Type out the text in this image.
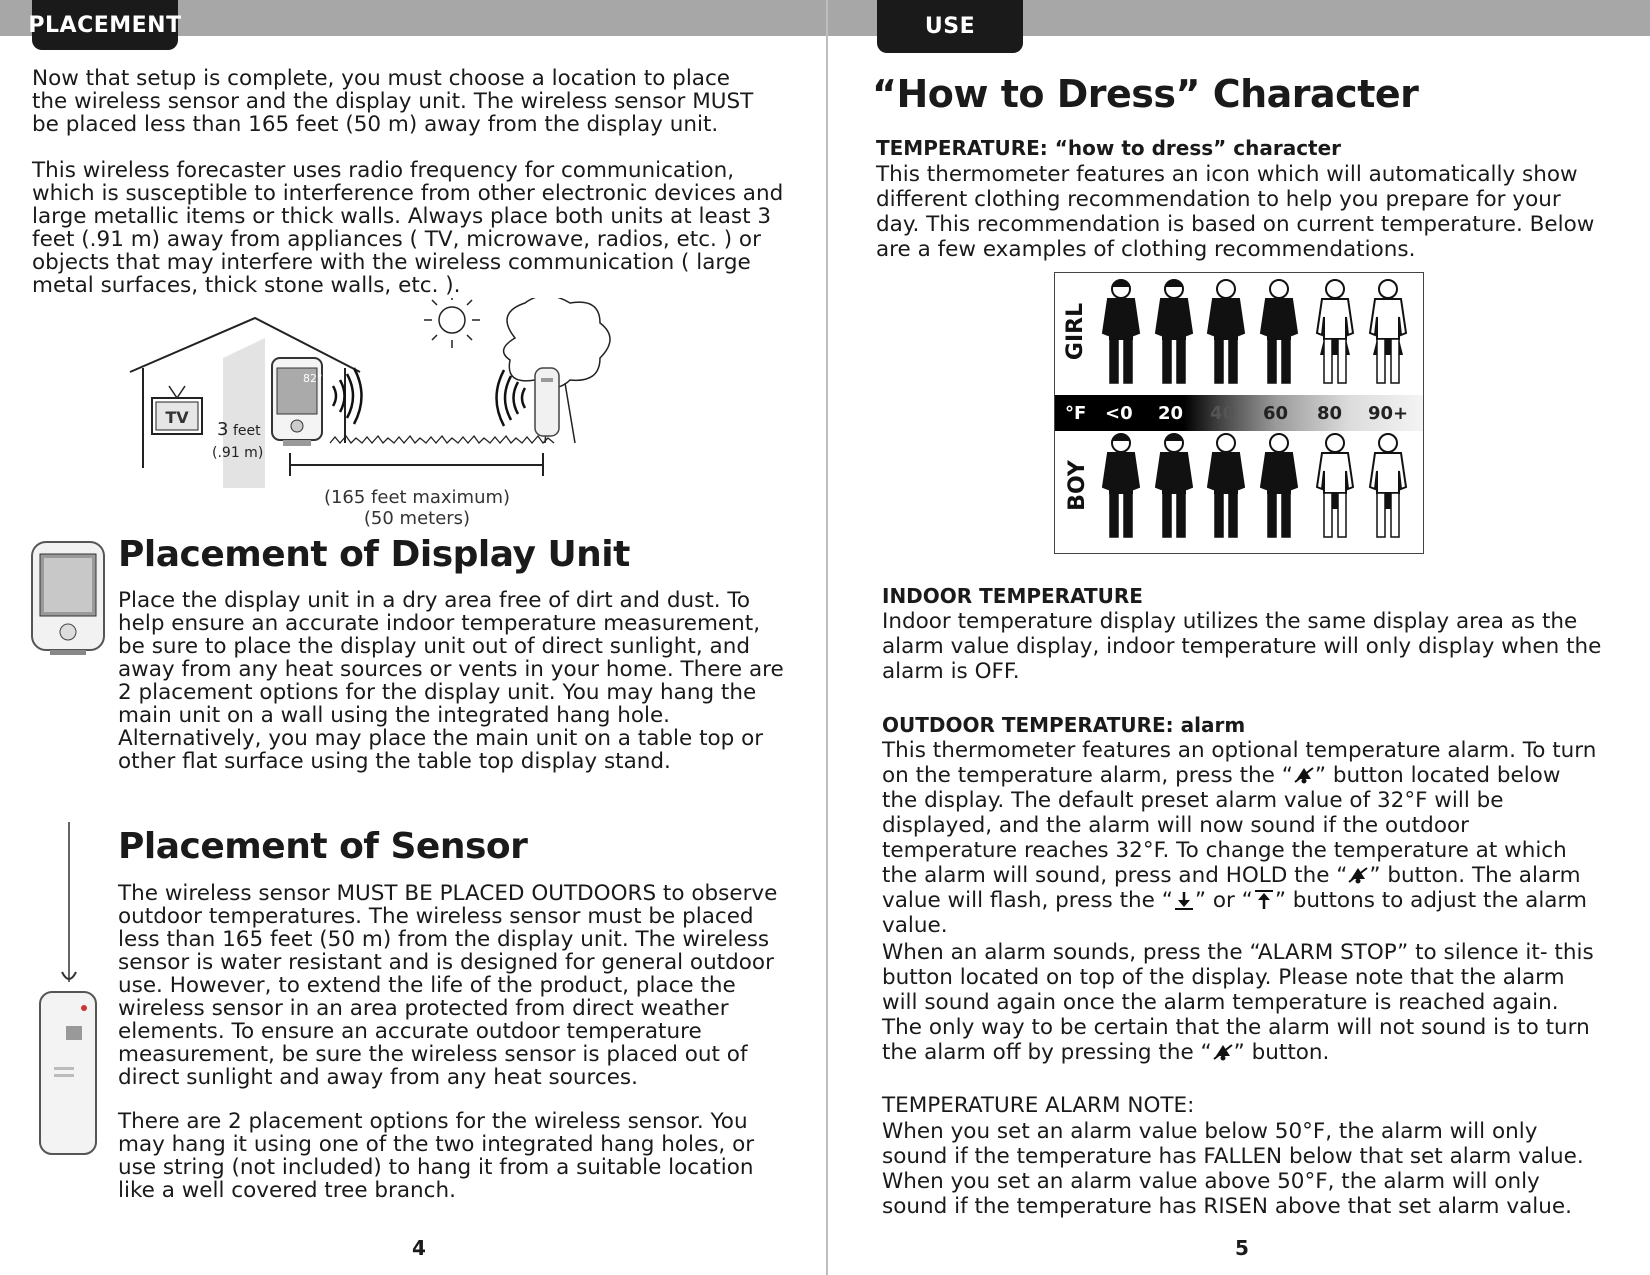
PLACEMENT	USE

Now that setup is complete, you must choose a location to place the wireless sensor and the display unit. The wireless sensor MUST be placed less than 165 feet (50 m) away from the display unit.

This wireless forecaster uses radio frequency for communication, which is susceptible to interference from other electronic devices and large metallic items or thick walls. Always place both units at least 3 feet (.91 m) away from appliances ( TV, microwave, radios, etc. ) or objects that may interfere with the wireless communication ( large metal surfaces, thick stone walls, etc. ).

TV
3 feet
(.91 m)
82°
(165 feet maximum)
(50 meters)
Placement of Display Unit

Place the display unit in a dry area free of dirt and dust. To help ensure an accurate indoor temperature measurement, be sure to place the display unit out of direct sunlight, and away from any heat sources or vents in your home. There are 2 placement options for the display unit. You may hang the main unit on a wall using the integrated hang hole. Alternatively, you may place the main unit on a table top or other flat surface using the table top display stand.

Placement of Sensor

The wireless sensor MUST BE PLACED OUTDOORS to observe outdoor temperatures. The wireless sensor must be placed less than 165 feet (50 m) from the display unit. The wireless sensor is water resistant and is designed for general outdoor use. However, to extend the life of the product, place the wireless sensor in an area protected from direct weather elements. To ensure an accurate outdoor temperature measurement, be sure the wireless sensor is placed out of direct sunlight and away from any heat sources.

There are 2 placement options for the wireless sensor. You may hang it using one of the two integrated hang holes, or use string (not included) to hang it from a suitable location like a well covered tree branch.

4
“How to Dress” Character
TEMPERATURE: “how to dress” character

This thermometer features an icon which will automatically show different clothing recommendation to help you prepare for your day. This recommendation is based on current temperature. Below are a few examples of clothing recommendations.

GIRL
BOY
°F <0 20 40 60 80 90+
INDOOR TEMPERATURE

Indoor temperature display utilizes the same display area as the alarm value display, indoor temperature will only display when the alarm is OFF.

OUTDOOR TEMPERATURE: alarm

This thermometer features an optional temperature alarm. To turn on the temperature alarm, press the “ ” button located below the display. The default preset alarm value of 32°F will be displayed, and the alarm will now sound if the outdoor temperature reaches 32°F. To change the temperature at which the alarm will sound, press and HOLD the “ ” button. The alarm value will flash, press the “ ” or “ ” buttons to adjust the alarm value.

When an alarm sounds, press the “ALARM STOP” to silence it- this button located on top of the display. Please note that the alarm will sound again once the alarm temperature is reached again. The only way to be certain that the alarm will not sound is to turn the alarm off by pressing the “ ” button.

TEMPERATURE ALARM NOTE:

When you set an alarm value below 50°F, the alarm will only sound if the temperature has FALLEN below that set alarm value. When you set an alarm value above 50°F, the alarm will only sound if the temperature has RISEN above that set alarm value.

5
